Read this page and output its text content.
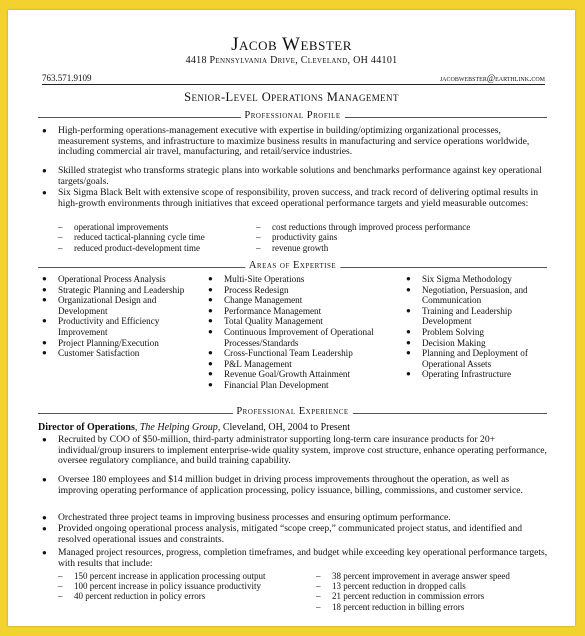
Jacob Webster
4418 Pennsylvania Drive, Cleveland, OH 44101
763.571.9109	jacobwebster@earthlink.com
Senior-Level Operations Management
Professional Profile
● High-performing operations-management executive with expertise in building/optimizing organizational processes, measurement systems, and infrastructure to maximize business results in manufacturing and service operations worldwide, including commercial air travel, manufacturing, and retail/service industries.
● Skilled strategist who transforms strategic plans into workable solutions and benchmarks performance against key operational targets/goals.
● Six Sigma Black Belt with extensive scope of responsibility, proven success, and track record of delivering optimal results in high-growth environments through initiatives that exceed operational performance targets and yield measurable outcomes:
– operational improvements
– reduced tactical-planning cycle time
– reduced product-development time
– cost reductions through improved process performance
– productivity gains
– revenue growth
Areas of Expertise
● Operational Process Analysis
● Strategic Planning and Leadership
● Organizational Design and Development
● Productivity and Efficiency Improvement
● Project Planning/Execution
● Customer Satisfaction
● Multi-Site Operations
● Process Redesign
● Change Management
● Performance Management
● Total Quality Management
● Continuous Improvement of Operational Processes/Standards
● Cross-Functional Team Leadership
● P&L Management
● Revenue Goal/Growth Attainment
● Financial Plan Development
● Six Sigma Methodology
● Negotiation, Persuasion, and Communication
● Training and Leadership Development
● Problem Solving
● Decision Making
● Planning and Deployment of Operational Assets
● Operating Infrastructure
Professional Experience
Director of Operations, The Helping Group, Cleveland, OH, 2004 to Present
● Recruited by COO of $50-million, third-party administrator supporting long-term care insurance products for 20+ individual/group insurers to implement enterprise-wide quality system, improve cost structure, enhance operating performance, oversee regulatory compliance, and build training capability.
● Oversee 180 employees and $14 million budget in driving process improvements throughout the operation, as well as improving operating performance of application processing, policy issuance, billing, commissions, and customer service.
● Orchestrated three project teams in improving business processes and ensuring optimum performance.
● Provided ongoing operational process analysis, mitigated “scope creep,” communicated project status, and identified and resolved operational issues and constraints.
● Managed project resources, progress, completion timeframes, and budget while exceeding key operational performance targets, with results that include:
– 150 percent increase in application processing output
– 100 percent increase in policy issuance productivity
– 40 percent reduction in policy errors
– 38 percent improvement in average answer speed
– 13 percent reduction in dropped calls
– 21 percent reduction in commission errors
– 18 percent reduction in billing errors
